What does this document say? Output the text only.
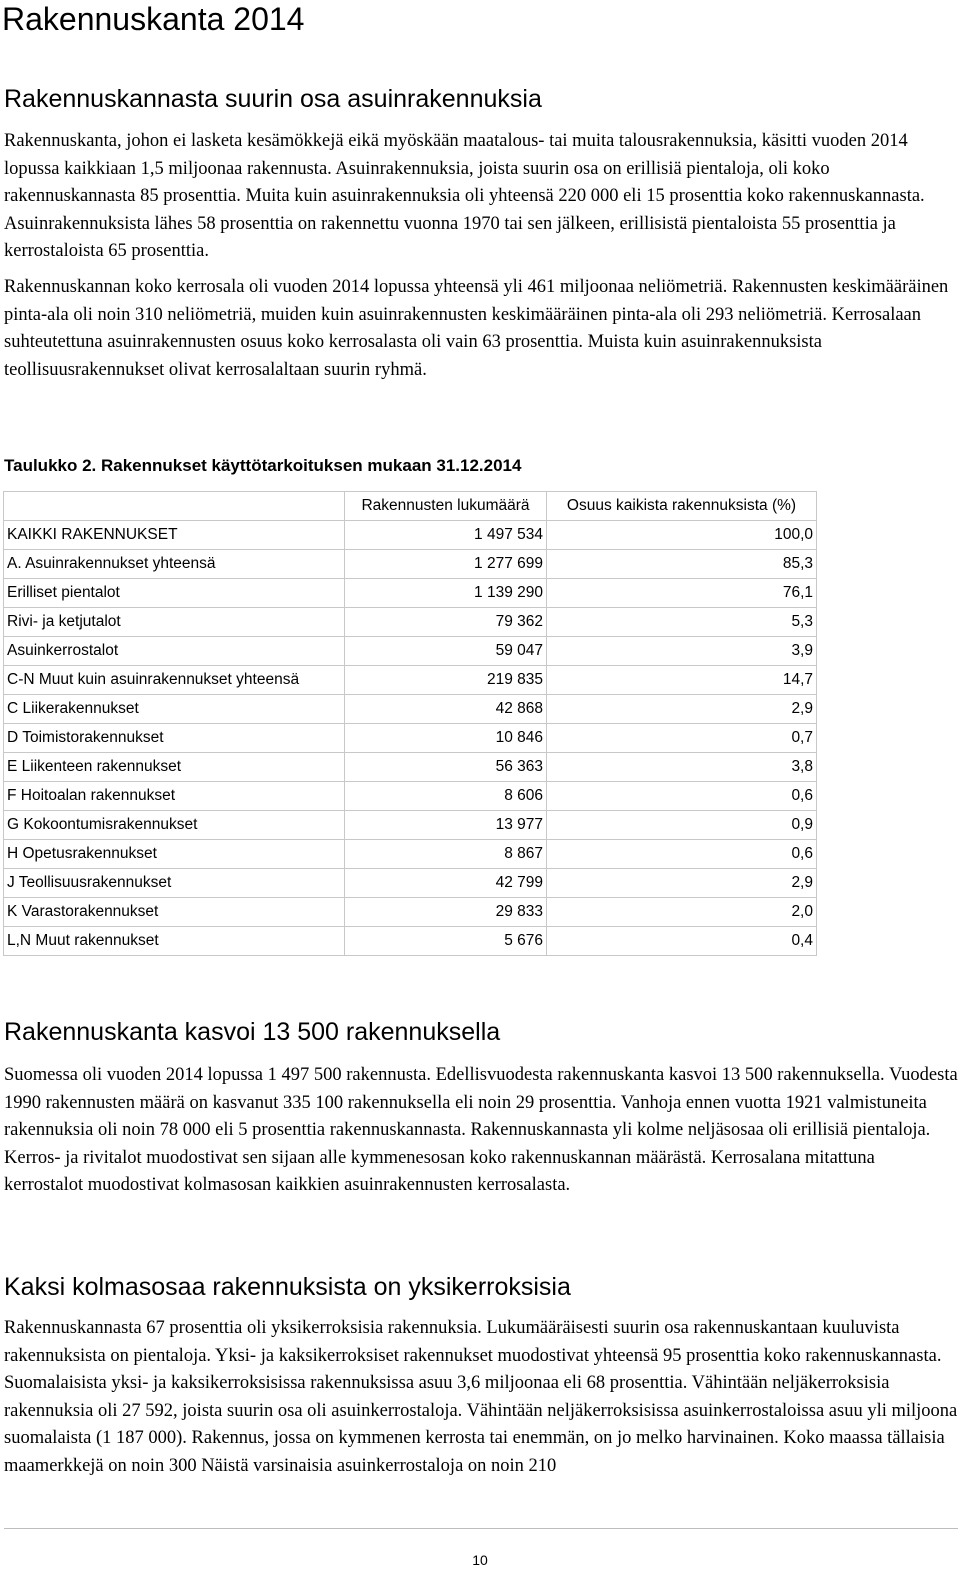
Rakennuskanta 2014
Rakennuskannasta suurin osa asuinrakennuksia

Rakennuskanta, johon ei lasketa kesämökkejä eikä myöskään maatalous- tai muita talousrakennuksia, käsitti vuoden 2014 lopussa kaikkiaan 1,5 miljoonaa rakennusta. Asuinrakennuksia, joista suurin osa on erillisiä pientaloja, oli koko rakennuskannasta 85 prosenttia. Muita kuin asuinrakennuksia oli yhteensä 220 000 eli 15 prosenttia koko rakennuskannasta. Asuinrakennuksista lähes 58 prosenttia on rakennettu vuonna 1970 tai sen jälkeen, erillisistä pientaloista 55 prosenttia ja kerrostaloista 65 prosenttia.

Rakennuskannan koko kerrosala oli vuoden 2014 lopussa yhteensä yli 461 miljoonaa neliömetriä. Rakennusten keskimääräinen pinta-ala oli noin 310 neliömetriä, muiden kuin asuinrakennusten keskimääräinen pinta-ala oli 293 neliömetriä. Kerrosalaan suhteutettuna asuinrakennusten osuus koko kerrosalasta oli vain 63 prosenttia. Muista kuin asuinrakennuksista teollisuusrakennukset olivat kerrosalaltaan suurin ryhmä.

Taulukko 2. Rakennukset käyttötarkoituksen mukaan 31.12.2014
	Rakennusten lukumäärä	Osuus kaikista rakennuksista (%)
KAIKKI RAKENNUKSET	1 497 534	100,0
A. Asuinrakennukset yhteensä	1 277 699	85,3
Erilliset pientalot	1 139 290	76,1
Rivi- ja ketjutalot	79 362	5,3
Asuinkerrostalot	59 047	3,9
C-N Muut kuin asuinrakennukset yhteensä	219 835	14,7
C Liikerakennukset	42 868	2,9
D Toimistorakennukset	10 846	0,7
E Liikenteen rakennukset	56 363	3,8
F Hoitoalan rakennukset	8 606	0,6
G Kokoontumisrakennukset	13 977	0,9
H Opetusrakennukset	8 867	0,6
J Teollisuusrakennukset	42 799	2,9
K Varastorakennukset	29 833	2,0
L,N Muut rakennukset	5 676	0,4
Rakennuskanta kasvoi 13 500 rakennuksella

Suomessa oli vuoden 2014 lopussa 1 497 500 rakennusta. Edellisvuodesta rakennuskanta kasvoi 13 500 rakennuksella. Vuodesta 1990 rakennusten määrä on kasvanut 335 100 rakennuksella eli noin 29 prosenttia. Vanhoja ennen vuotta 1921 valmistuneita rakennuksia oli noin 78 000 eli 5 prosenttia rakennuskannasta. Rakennuskannasta yli kolme neljäsosaa oli erillisiä pientaloja. Kerros- ja rivitalot muodostivat sen sijaan alle kymmenesosan koko rakennuskannan määrästä. Kerrosalana mitattuna kerrostalot muodostivat kolmasosan kaikkien asuinrakennusten kerrosalasta.

Kaksi kolmasosaa rakennuksista on yksikerroksisia

Rakennuskannasta 67 prosenttia oli yksikerroksisia rakennuksia. Lukumääräisesti suurin osa rakennuskantaan kuuluvista rakennuksista on pientaloja. Yksi- ja kaksikerroksiset rakennukset muodostivat yhteensä 95 prosenttia koko rakennuskannasta. Suomalaisista yksi- ja kaksikerroksisissa rakennuksissa asuu 3,6 miljoonaa eli 68 prosenttia. Vähintään neljäkerroksisia rakennuksia oli 27 592, joista suurin osa oli asuinkerrostaloja. Vähintään neljäkerroksisissa asuinkerrostaloissa asuu yli miljoona suomalaista (1 187 000). Rakennus, jossa on kymmenen kerrosta tai enemmän, on jo melko harvinainen. Koko maassa tällaisia maamerkkejä on noin 300 Näistä varsinaisia asuinkerrostaloja on noin 210

10
